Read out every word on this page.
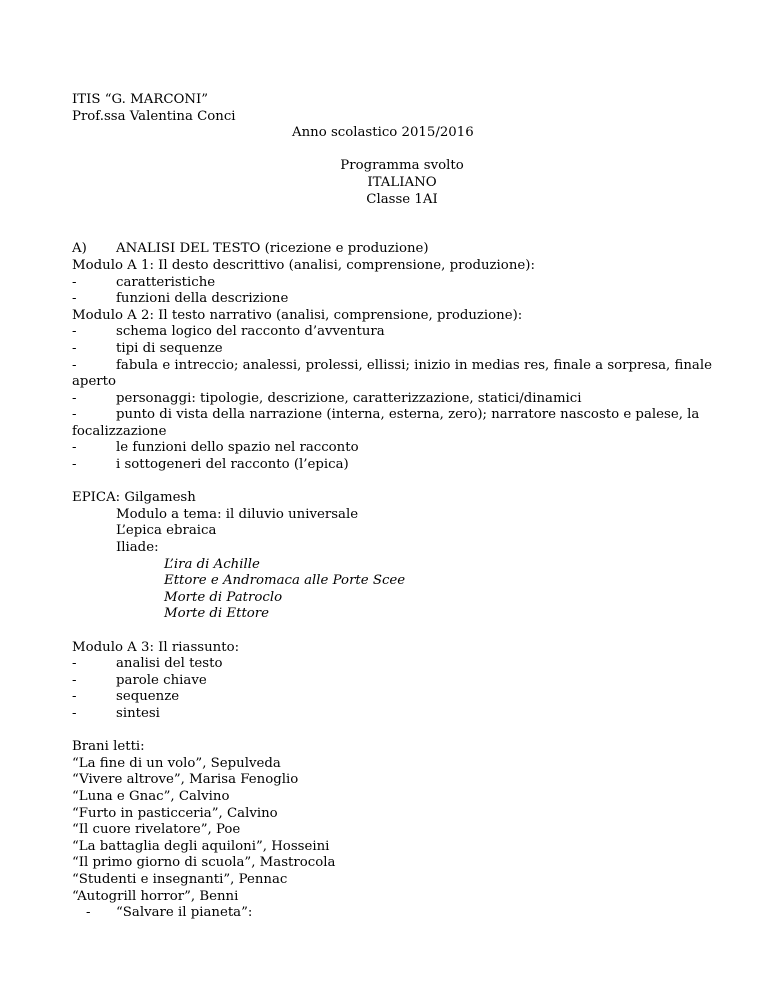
ITIS “G. MARCONI”
Prof.ssa Valentina Conci
Anno scolastico 2015/2016
Programma svolto
ITALIANO
Classe 1AI
A)	ANALISI DEL TESTO (ricezione e produzione)
Modulo A 1: Il desto descrittivo (analisi, comprensione, produzione):
-	caratteristiche
-	funzioni della descrizione
Modulo A 2: Il testo narrativo (analisi, comprensione, produzione):
-	schema logico del racconto d’avventura
-	tipi di sequenze
-	fabula e intreccio; analessi, prolessi, ellissi; inizio in medias res, finale a sorpresa, finale
aperto
-	personaggi: tipologie, descrizione, caratterizzazione, statici/dinamici
-	punto di vista della narrazione (interna, esterna, zero); narratore nascosto e palese, la
focalizzazione
-	le funzioni dello spazio nel racconto
-	i sottogeneri del racconto (l’epica)
EPICA: Gilgamesh
Modulo a tema: il diluvio universale
L’epica ebraica
Iliade:
L’ira di Achille
Ettore e Andromaca alle Porte Scee
Morte di Patroclo
Morte di Ettore
Modulo A 3: Il riassunto:
-	analisi del testo
-	parole chiave
-	sequenze
-	sintesi
Brani letti:
“La fine di un volo”, Sepulveda
“Vivere altrove”, Marisa Fenoglio
“Luna e Gnac”, Calvino
“Furto in pasticceria”, Calvino
“Il cuore rivelatore”, Poe
“La battaglia degli aquiloni”, Hosseini
“Il primo giorno di scuola”, Mastrocola
“Studenti e insegnanti”, Pennac
“Autogrill horror”, Benni
-	“Salvare il pianeta”:
